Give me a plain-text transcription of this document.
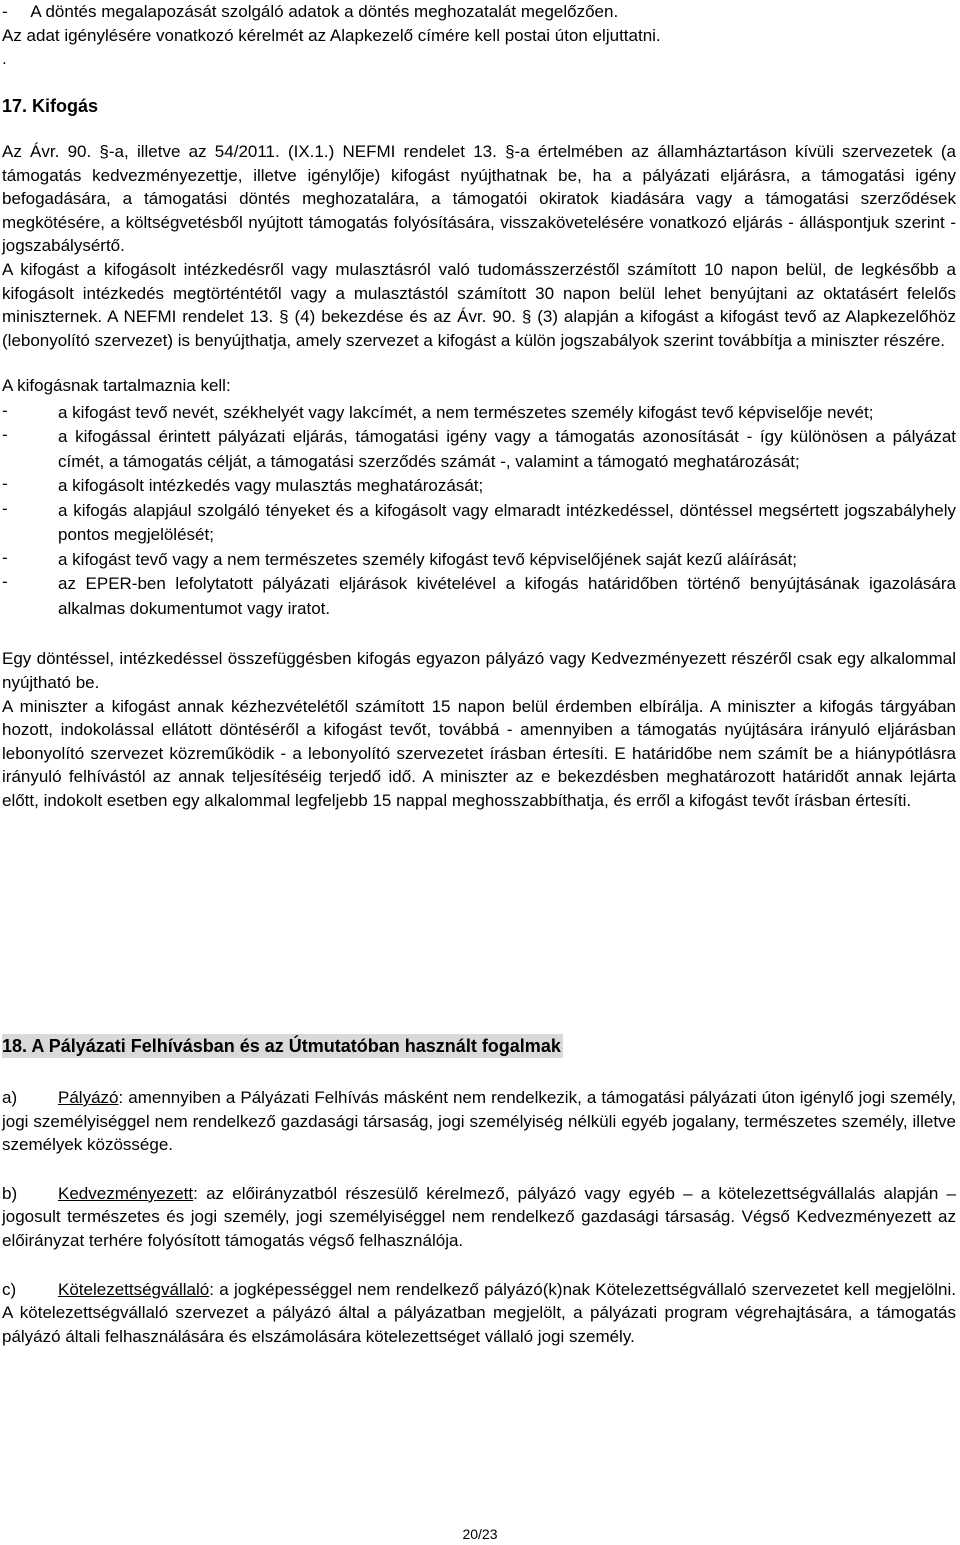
-     A döntés megalapozását szolgáló adatok a döntés meghozatalát megelőzően.
Az adat igénylésére vonatkozó kérelmét az Alapkezelő címére kell postai úton eljuttatni.
.
17. Kifogás

Az Ávr. 90. §-a, illetve az 54/2011. (IX.1.) NEFMI rendelet 13. §-a értelmében az államháztartáson kívüli szervezetek (a támogatás kedvezményezettje, illetve igénylője) kifogást nyújthatnak be, ha a pályázati eljárásra, a támogatási igény befogadására, a támogatási döntés meghozatalára, a támogatói okiratok kiadására vagy a támogatási szerződések megkötésére, a költségvetésből nyújtott támogatás folyósítására, visszakövetelésére vonatkozó eljárás - álláspontjuk szerint - jogszabálysértő.

A kifogást a kifogásolt intézkedésről vagy mulasztásról való tudomásszerzéstől számított 10 napon belül, de legkésőbb a kifogásolt intézkedés megtörténtétől vagy a mulasztástól számított 30 napon belül lehet benyújtani az oktatásért felelős miniszternek. A NEFMI rendelet 13. § (4) bekezdése és az Ávr. 90. § (3) alapján a kifogást a kifogást tevő az Alapkezelőhöz (lebonyolító szervezet) is benyújthatja, amely szervezet a kifogást a külön jogszabályok szerint továbbítja a miniszter részére.

A kifogásnak tartalmaznia kell:

-	a kifogást tevő nevét, székhelyét vagy lakcímét, a nem természetes személy kifogást tevő képviselője nevét;
-	a kifogással érintett pályázati eljárás, támogatási igény vagy a támogatás azonosítását - így különösen a pályázat címét, a támogatás célját, a támogatási szerződés számát -, valamint a támogató meghatározását;
-	a kifogásolt intézkedés vagy mulasztás meghatározását;
-	a kifogás alapjául szolgáló tényeket és a kifogásolt vagy elmaradt intézkedéssel, döntéssel megsértett jogszabályhely pontos megjelölését;
-	a kifogást tevő vagy a nem természetes személy kifogást tevő képviselőjének saját kezű aláírását;
-	az EPER-ben lefolytatott pályázati eljárások kivételével a kifogás határidőben történő benyújtásának igazolására alkalmas dokumentumot vagy iratot.

Egy döntéssel, intézkedéssel összefüggésben kifogás egyazon pályázó vagy Kedvezményezett részéről csak egy alkalommal nyújtható be.

A miniszter a kifogást annak kézhezvételétől számított 15 napon belül érdemben elbírálja. A miniszter a kifogás tárgyában hozott, indokolással ellátott döntéséről a kifogást tevőt, továbbá - amennyiben a támogatás nyújtására irányuló eljárásban lebonyolító szervezet közreműködik - a lebonyolító szervezetet írásban értesíti. E határidőbe nem számít be a hiánypótlásra irányuló felhívástól az annak teljesítéséig terjedő idő. A miniszter az e bekezdésben meghatározott határidőt annak lejárta előtt, indokolt esetben egy alkalommal legfeljebb 15 nappal meghosszabbíthatja, és erről a kifogást tevőt írásban értesíti.

18. A Pályázati Felhívásban és az Útmutatóban használt fogalmak

a) Pályázó: amennyiben a Pályázati Felhívás másként nem rendelkezik, a támogatási pályázati úton igénylő jogi személy, jogi személyiséggel nem rendelkező gazdasági társaság, jogi személyiség nélküli egyéb jogalany, természetes személy, illetve személyek közössége.

b) Kedvezményezett: az előirányzatból részesülő kérelmező, pályázó vagy egyéb – a kötelezettségvállalás alapján – jogosult természetes és jogi személy, jogi személyiséggel nem rendelkező gazdasági társaság. Végső Kedvezményezett az előirányzat terhére folyósított támogatás végső felhasználója.

c) Kötelezettségvállaló: a jogképességgel nem rendelkező pályázó(k)nak Kötelezettségvállaló szervezetet kell megjelölni. A kötelezettségvállaló szervezet a pályázó által a pályázatban megjelölt, a pályázati program végrehajtására, a támogatás pályázó általi felhasználására és elszámolására kötelezettséget vállaló jogi személy.

20/23
